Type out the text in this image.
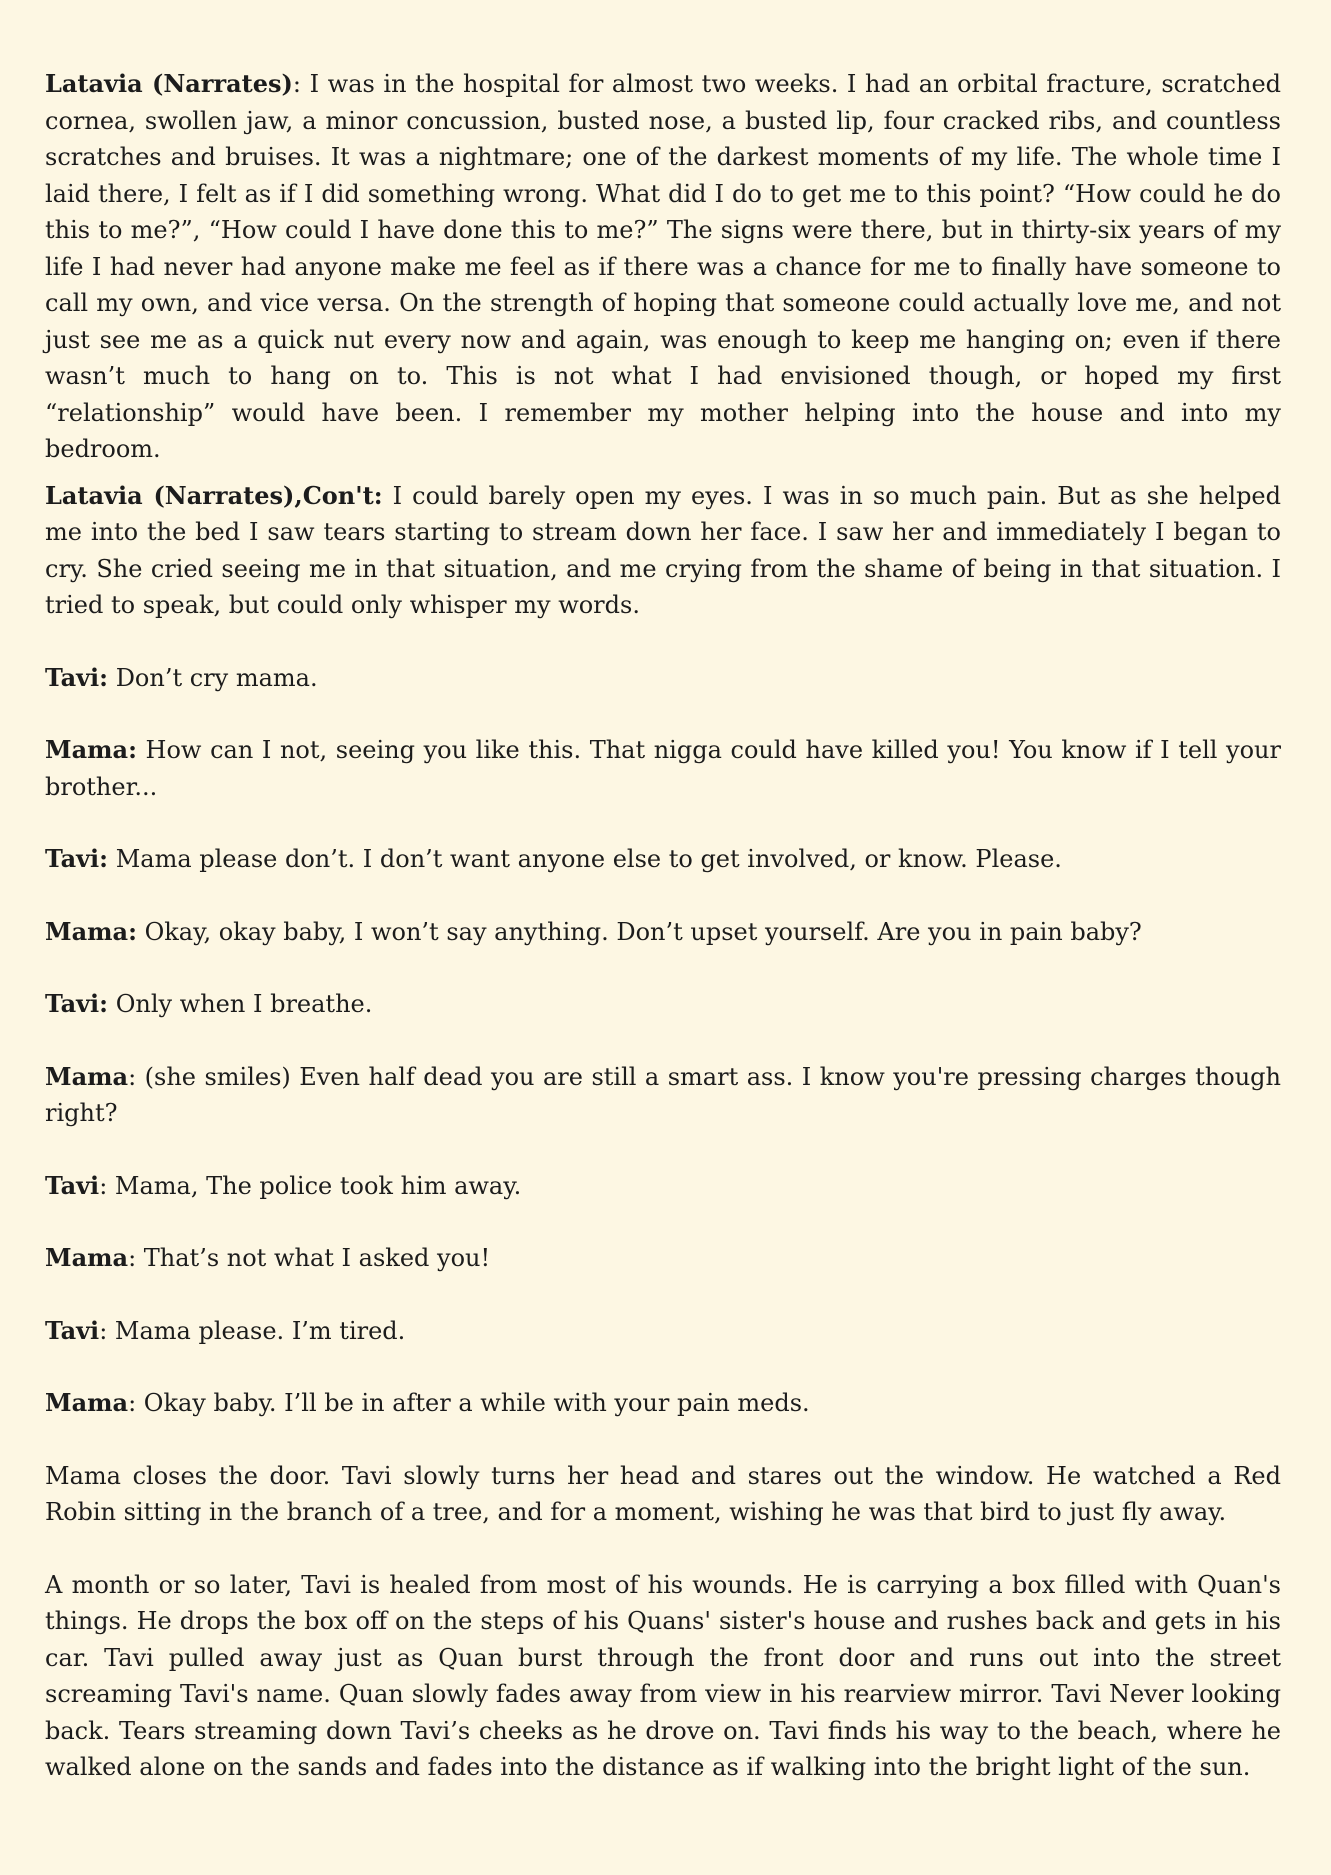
Latavia (Narrates): I was in the hospital for almost two weeks. I had an orbital fracture, scratched cornea, swollen jaw, a minor concussion, busted nose, a busted lip, four cracked ribs, and countless scratches and bruises. It was a nightmare; one of the darkest moments of my life. The whole time I laid there, I felt as if I did something wrong. What did I do to get me to this point? “How could he do this to me?”, “How could I have done this to me?” The signs were there, but in thirty-six years of my life I had never had anyone make me feel as if there was a chance for me to finally have someone to call my own, and vice versa. On the strength of hoping that someone could actually love me, and not just see me as a quick nut every now and again, was enough to keep me hanging on; even if there wasn’t much to hang on to. This is not what I had envisioned though, or hoped my first “relationship” would have been. I remember my mother helping into the house and into my bedroom.

Latavia (Narrates),Con't: I could barely open my eyes. I was in so much pain. But as she helped me into the bed I saw tears starting to stream down her face. I saw her and immediately I began to cry. She cried seeing me in that situation, and me crying from the shame of being in that situation. I tried to speak, but could only whisper my words.

Tavi: Don’t cry mama.

Mama: How can I not, seeing you like this. That nigga could have killed you! You know if I tell your brother...

Tavi: Mama please don’t. I don’t want anyone else to get involved, or know. Please.

Mama: Okay, okay baby, I won’t say anything. Don’t upset yourself. Are you in pain baby?

Tavi: Only when I breathe.

Mama: (she smiles) Even half dead you are still a smart ass. I know you're pressing charges though right?

Tavi: Mama, The police took him away.

Mama: That’s not what I asked you!

Tavi: Mama please. I’m tired.

Mama: Okay baby. I’ll be in after a while with your pain meds.

Mama closes the door. Tavi slowly turns her head and stares out the window. He watched a Red Robin sitting in the branch of a tree, and for a moment, wishing he was that bird to just fly away.

A month or so later, Tavi is healed from most of his wounds. He is carrying a box filled with Quan's things. He drops the box off on the steps of his Quans' sister's house and rushes back and gets in his car. Tavi pulled away just as Quan burst through the front door and runs out into the street screaming Tavi's name. Quan slowly fades away from view in his rearview mirror. Tavi Never looking back. Tears streaming down Tavi’s cheeks as he drove on. Tavi finds his way to the beach, where he walked alone on the sands and fades into the distance as if walking into the bright light of the sun.
